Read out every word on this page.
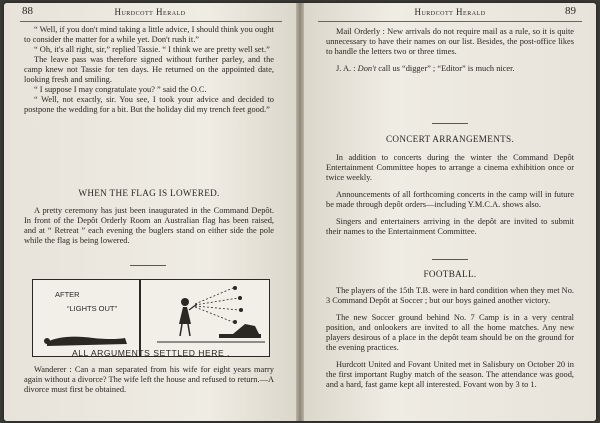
88	Hurdcott Herald

“ Well, if you don't mind taking a little advice, I should think you ought to consider the matter for a while yet. Don't rush it.”

“ Oh, it's all right, sir,” replied Tassie. “ I think we are pretty well set.”

The leave pass was therefore signed without further parley, and the camp knew not Tassie for ten days. He returned on the appointed date, looking fresh and smiling.

“ I suppose I may congratulate you? ” said the O.C.

“ Well, not exactly, sir. You see, I took your advice and decided to postpone the wedding for a bit. But the holiday did my trench feet good.”

WHEN THE FLAG IS LOWERED.

A pretty ceremony has just been inaugurated in the Command Depôt. In front of the Depôt Orderly Room an Australian flag has been raised, and at “ Retreat ” each evening the buglers stand on either side the pole while the flag is being lowered.

AFTER
“LIGHTS OUT”
ALL ARGUMENTS SETTLED HERE .

Wanderer : Can a man separated from his wife for eight years marry again without a divorce? The wife left the house and refused to return.—A divorce must first be obtained.

Hurdcott Herald	89

Mail Orderly : New arrivals do not require mail as a rule, so it is quite unnecessary to have their names on our list. Besides, the post-office likes to handle the letters two or three times.

J. A. : Don't call us “digger” ; “Editor” is much nicer.

CONCERT ARRANGEMENTS.

In addition to concerts during the winter the Command Depôt Entertainment Committee hopes to arrange a cinema exhibition once or twice weekly.

Announcements of all forthcoming concerts in the camp will in future be made through depôt orders—including Y.M.C.A. shows also.

Singers and entertainers arriving in the depôt are invited to submit their names to the Entertainment Committee.

FOOTBALL.

The players of the 15th T.B. were in hard condition when they met No. 3 Command Depôt at Soccer ; but our boys gained another victory.

The new Soccer ground behind No. 7 Camp is in a very central position, and onlookers are invited to all the home matches. Any new players desirous of a place in the depôt team should be on the ground for the evening practices.

Hurdcott United and Fovant United met in Salisbury on October 20 in the first important Rugby match of the season. The attendance was good, and a hard, fast game kept all interested. Fovant won by 3 to 1.
